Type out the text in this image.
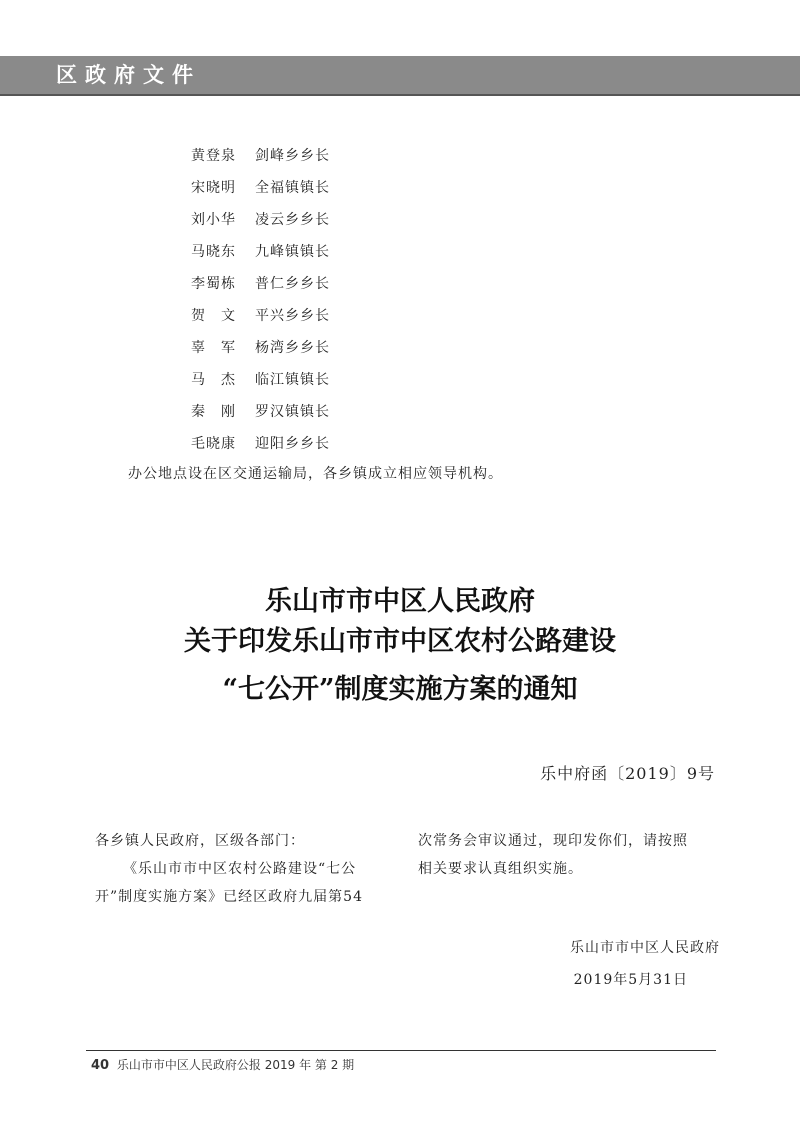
区政府文件
黄登泉 剑峰乡乡长
宋晓明 全福镇镇长
刘小华 凌云乡乡长
马晓东 九峰镇镇长
李蜀栋 普仁乡乡长
贺　文 平兴乡乡长
辜　军 杨湾乡乡长
马　杰 临江镇镇长
秦　刚 罗汉镇镇长
毛晓康 迎阳乡乡长
办公地点设在区交通运输局，各乡镇成立相应领导机构。
乐山市市中区人民政府
关于印发乐山市市中区农村公路建设
“七公开”制度实施方案的通知
乐中府函〔2019〕9号
各乡镇人民政府，区级各部门：
《乐山市市中区农村公路建设“七公
开”制度实施方案》已经区政府九届第54
次常务会审议通过，现印发你们，请按照
相关要求认真组织实施。
乐山市市中区人民政府
2019年5月31日
40 乐山市市中区人民政府公报 2019 年 第 2 期
